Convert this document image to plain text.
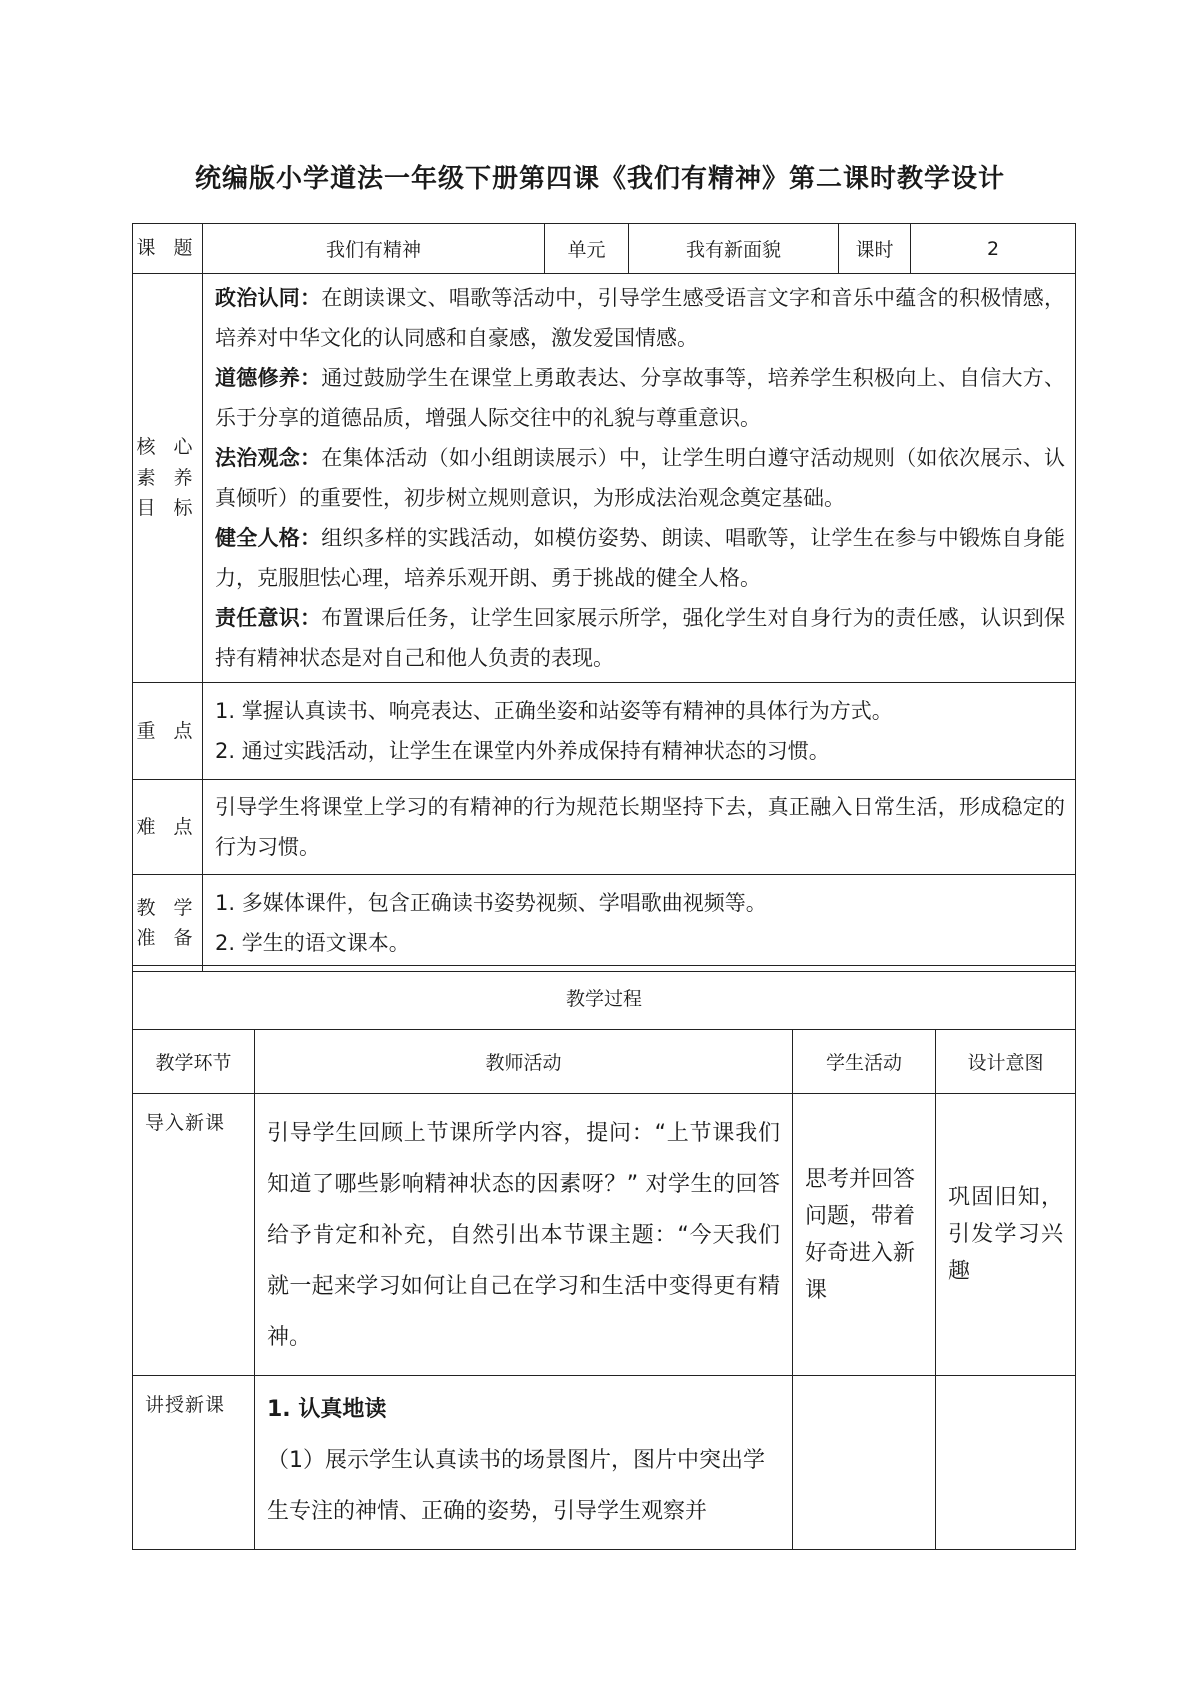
统编版小学道法一年级下册第四课《我们有精神》第二课时教学设计
课 题	我们有精神	单元	我有新面貌	课时	2
核 心 素 养 目 标	政治认同：在朗读课文、唱歌等活动中，引导学生感受语言文字和音乐中蕴含的积极情感，培养对中华文化的认同感和自豪感，激发爱国情感。

道德修养：通过鼓励学生在课堂上勇敢表达、分享故事等，培养学生积极向上、自信大方、乐于分享的道德品质，增强人际交往中的礼貌与尊重意识。

法治观念：在集体活动（如小组朗读展示）中，让学生明白遵守活动规则（如依次展示、认真倾听）的重要性，初步树立规则意识，为形成法治观念奠定基础。

健全人格：组织多样的实践活动，如模仿姿势、朗读、唱歌等，让学生在参与中锻炼自身能力，克服胆怯心理，培养乐观开朗、勇于挑战的健全人格。

责任意识：布置课后任务，让学生回家展示所学，强化学生对自身行为的责任感，认识到保持有精神状态是对自己和他人负责的表现。				

重 点	1. 掌握认真读书、响亮表达、正确坐姿和站姿等有精神的具体行为方式。

2. 通过实践活动，让学生在课堂内外养成保持有精神状态的习惯。				

难 点	引导学生将课堂上学习的有精神的行为规范长期坚持下去，真正融入日常生活，形成稳定的行为习惯。				

教 学 准 备	1. 多媒体课件，包含正确读书姿势视频、学唱歌曲视频等。

2. 学生的语文课本。				

教学过程			
教学环节	教师活动	学生活动	设计意图
导入新课	引导学生回顾上节课所学内容，提问：“上节课我们知道了哪些影响精神状态的因素呀？” 对学生的回答给予肯定和补充，自然引出本节课主题：“今天我们就一起来学习如何让自己在学习和生活中变得更有精神。	思考并回答问题，带着好奇进入新课	巩固旧知，引发学习兴趣
讲授新课	1. 认真地读
（1）展示学生认真读书的场景图片，图片中突出学生专注的神情、正确的姿势，引导学生观察并		
